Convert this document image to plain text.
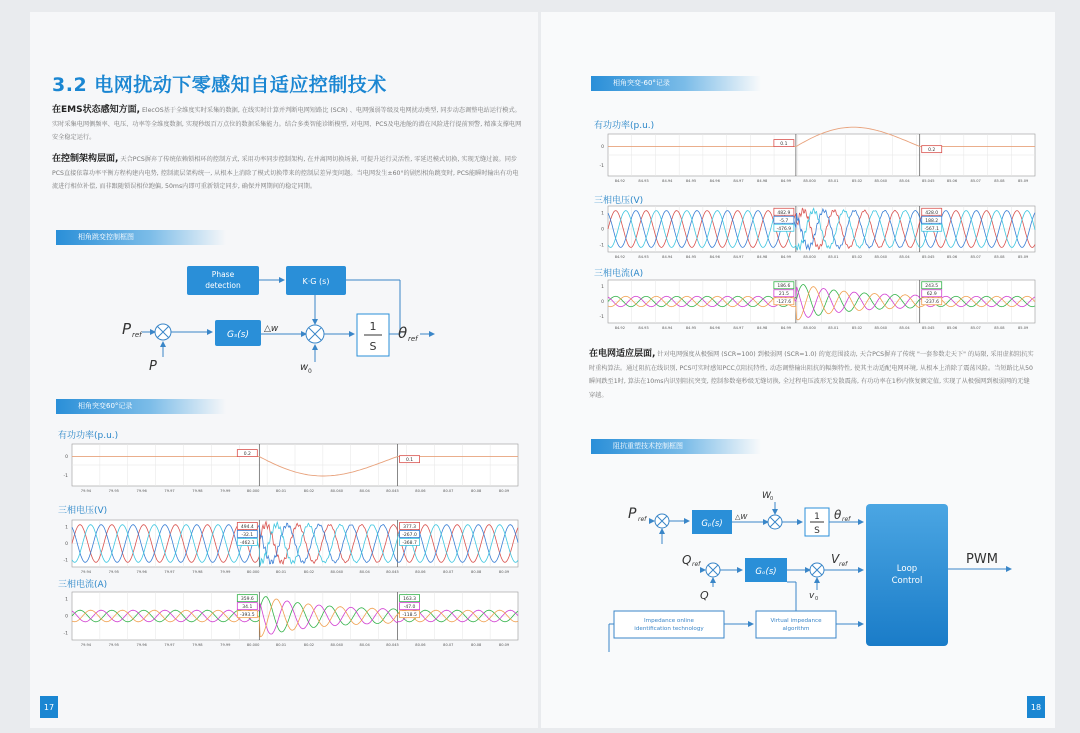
3.2 电网扰动下零感知自适应控制技术
在EMS状态感知方面, ElecOS基于全维度实时采集的数据, 在线实时计算并判断电网短路比 (SCR) 、电网强弱等级及电网扰动类型, 同步动态调整电站运行模式。实时采集电网侧频率、电压、功率等全维度数据, 实现秒级百万点位的数据采集能力。结合多类智能诊断模型, 对电网、PCS及电池舱的潜在风险进行提前预警, 精准支撑电网安全稳定运行。
在控制架构层面, 天合PCS摒弃了传统依赖锁相环的控制方式, 采用功率同步控制架构, 在并离网切换场景, 可提升运行灵活性, 零延迟模式切换, 实现无缝过渡。同步PCS直接依靠功率平衡方程构建内电势, 控制流层架构统一, 从根本上消除了模式切换带来的控制层差异变问题。当电网发生±60°的剧烈相角跳变时, PCS能瞬时输出有功电流进行相位补偿, 而非跟随锁误相位跑偏, 50ms内即可重新锁定同步, 确保并网期间的稳定同期。
相角跳变控制框图
Phase
detection	K·G (s)
P ref
P
Gₛ(s)
△w
w 0
1
S
θ ref
相角突变60°记录
有功功率(p.u.)
79.94	79.95	79.96	79.97	79.98	79.99	80.000	80.01	80.02	80.040	80.04	80.045	80.06	80.07	80.08	80.09
0
-1
0.2
0.1
三相电压(V)
79.94	79.95	79.96	79.97	79.98	79.99	80.000	80.01	80.02	80.040	80.04	80.045	80.06	80.07	80.08	80.09
1
0
-1
494.4
-32.1
-462.1
377.3
-267.0
-368.7
三相电流(A)
79.94	79.95	79.96	79.97	79.98	79.99	80.000	80.01	80.02	80.040	80.04	80.045	80.06	80.07	80.08	80.09
1
0
-1
359.6
34.1
-393.5
163.3
-47.0
-118.5
17
相角突变-60°记录
有功功率(p.u.)
84.92	84.93	84.94	84.95	84.96	84.97	84.98	84.99	85.000	85.01	85.02	85.040	85.04	85.045	85.06	85.07	85.08	85.09
0
-1
0.1
0.2
三相电压(V)
84.92	84.93	84.94	84.95	84.96	84.97	84.98	84.99	85.000	85.01	85.02	85.040	85.04	85.045	85.06	85.07	85.08	85.09
1
0
-1
482.9
-5.7
-476.9
428.0
188.2
-567.1
三相电流(A)
84.92	84.93	84.94	84.95	84.96	84.97	84.98	84.99	85.000	85.01	85.02	85.040	85.04	85.045	85.06	85.07	85.08	85.09
1
0
-1
186.6
21.5
-127.6
243.5
62.9
-237.6
在电网适应层面, 针对电网强度从极强网 (SCR=100) 到极弱网 (SCR=1.0) 的宽范围波动, 天合PCS摒弃了传统 "一套参数走天下" 的局限, 采用虚拟阻抗实时重构算法。通过阻抗在线识别, PCS可实时感知PCC点阻抗特性, 动态调整输出阻抗的幅频特性, 使其主动适配电网环境, 从根本上消除了震荡风险。当短路比从50瞬间跌至1时, 算法在10ms内识别阻抗突变, 控制参数毫秒级无缝切换, 全过程电压波形无发散震荡, 有功功率在1秒内恢复额定值, 实现了从极强网到极弱网的无缝穿越。
阻抗重塑技术控制框图
P ref	Gₚ(s)
△W
W 0
1
S
θ ref
Q ref
Q
Gₒ(s)
v 0
V ref	Loop
Control
PWM
Impedance online
identification technology
Virtual impedance
algorithm
18
